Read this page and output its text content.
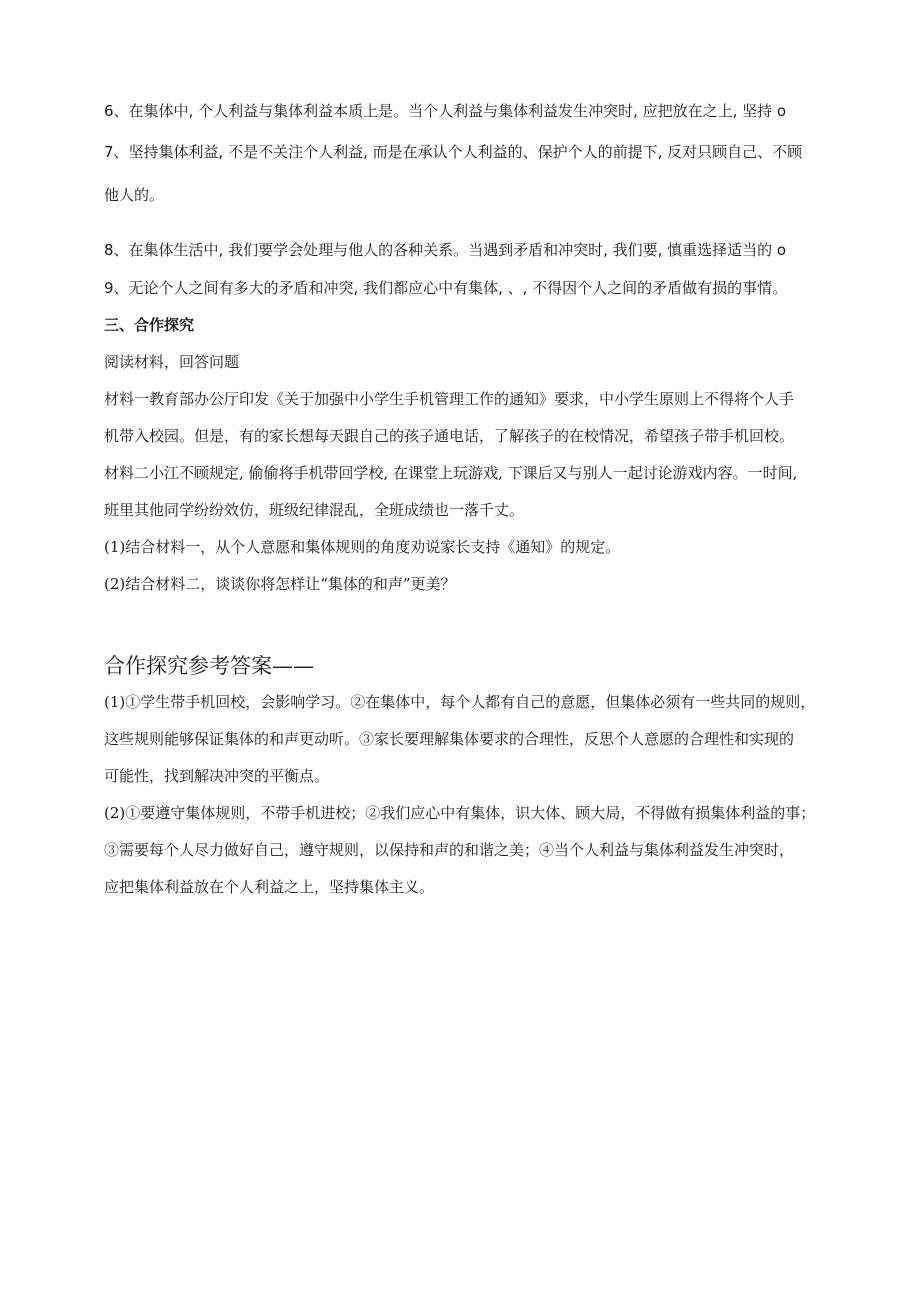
6、在集体中, 个人利益与集体利益本质上是。当个人利益与集体利益发生冲突时, 应把放在之上, 坚持 o
7、坚持集体利益, 不是不关注个人利益, 而是在承认个人利益的、保护个人的前提下, 反对只顾自己、不顾
他人的。
8、在集体生活中, 我们要学会处理与他人的各种关系。当遇到矛盾和冲突时, 我们要, 慎重选择适当的 o
9、无论个人之间有多大的矛盾和冲突, 我们都应心中有集体, 、, 不得因个人之间的矛盾做有损的事情。
三、合作探究
阅读材料，回答问题
材料一教育部办公厅印发《关于加强中小学生手机管理工作的通知》要求，中小学生原则上不得将个人手
机带入校园。但是，有的家长想每天跟自己的孩子通电话，了解孩子的在校情况，希望孩子带手机回校。
材料二小江不顾规定, 偷偷将手机带回学校, 在课堂上玩游戏, 下课后又与别人一起讨论游戏内容。一时间,
班里其他同学纷纷效仿，班级纪律混乱，全班成绩也一落千丈。
(1)结合材料一，从个人意愿和集体规则的角度劝说家长支持《通知》的规定。
(2)结合材料二，谈谈你将怎样让“集体的和声”更美？
合作探究参考答案——
(1)①学生带手机回校，会影响学习。②在集体中，每个人都有自己的意愿，但集体必须有一些共同的规则，
这些规则能够保证集体的和声更动听。③家长要理解集体要求的合理性，反思个人意愿的合理性和实现的
可能性，找到解决冲突的平衡点。
(2)①要遵守集体规则，不带手机进校；②我们应心中有集体，识大体、顾大局，不得做有损集体利益的事；
③需要每个人尽力做好自己，遵守规则，以保持和声的和谐之美；④当个人利益与集体利益发生冲突时，
应把集体利益放在个人利益之上，坚持集体主义。
